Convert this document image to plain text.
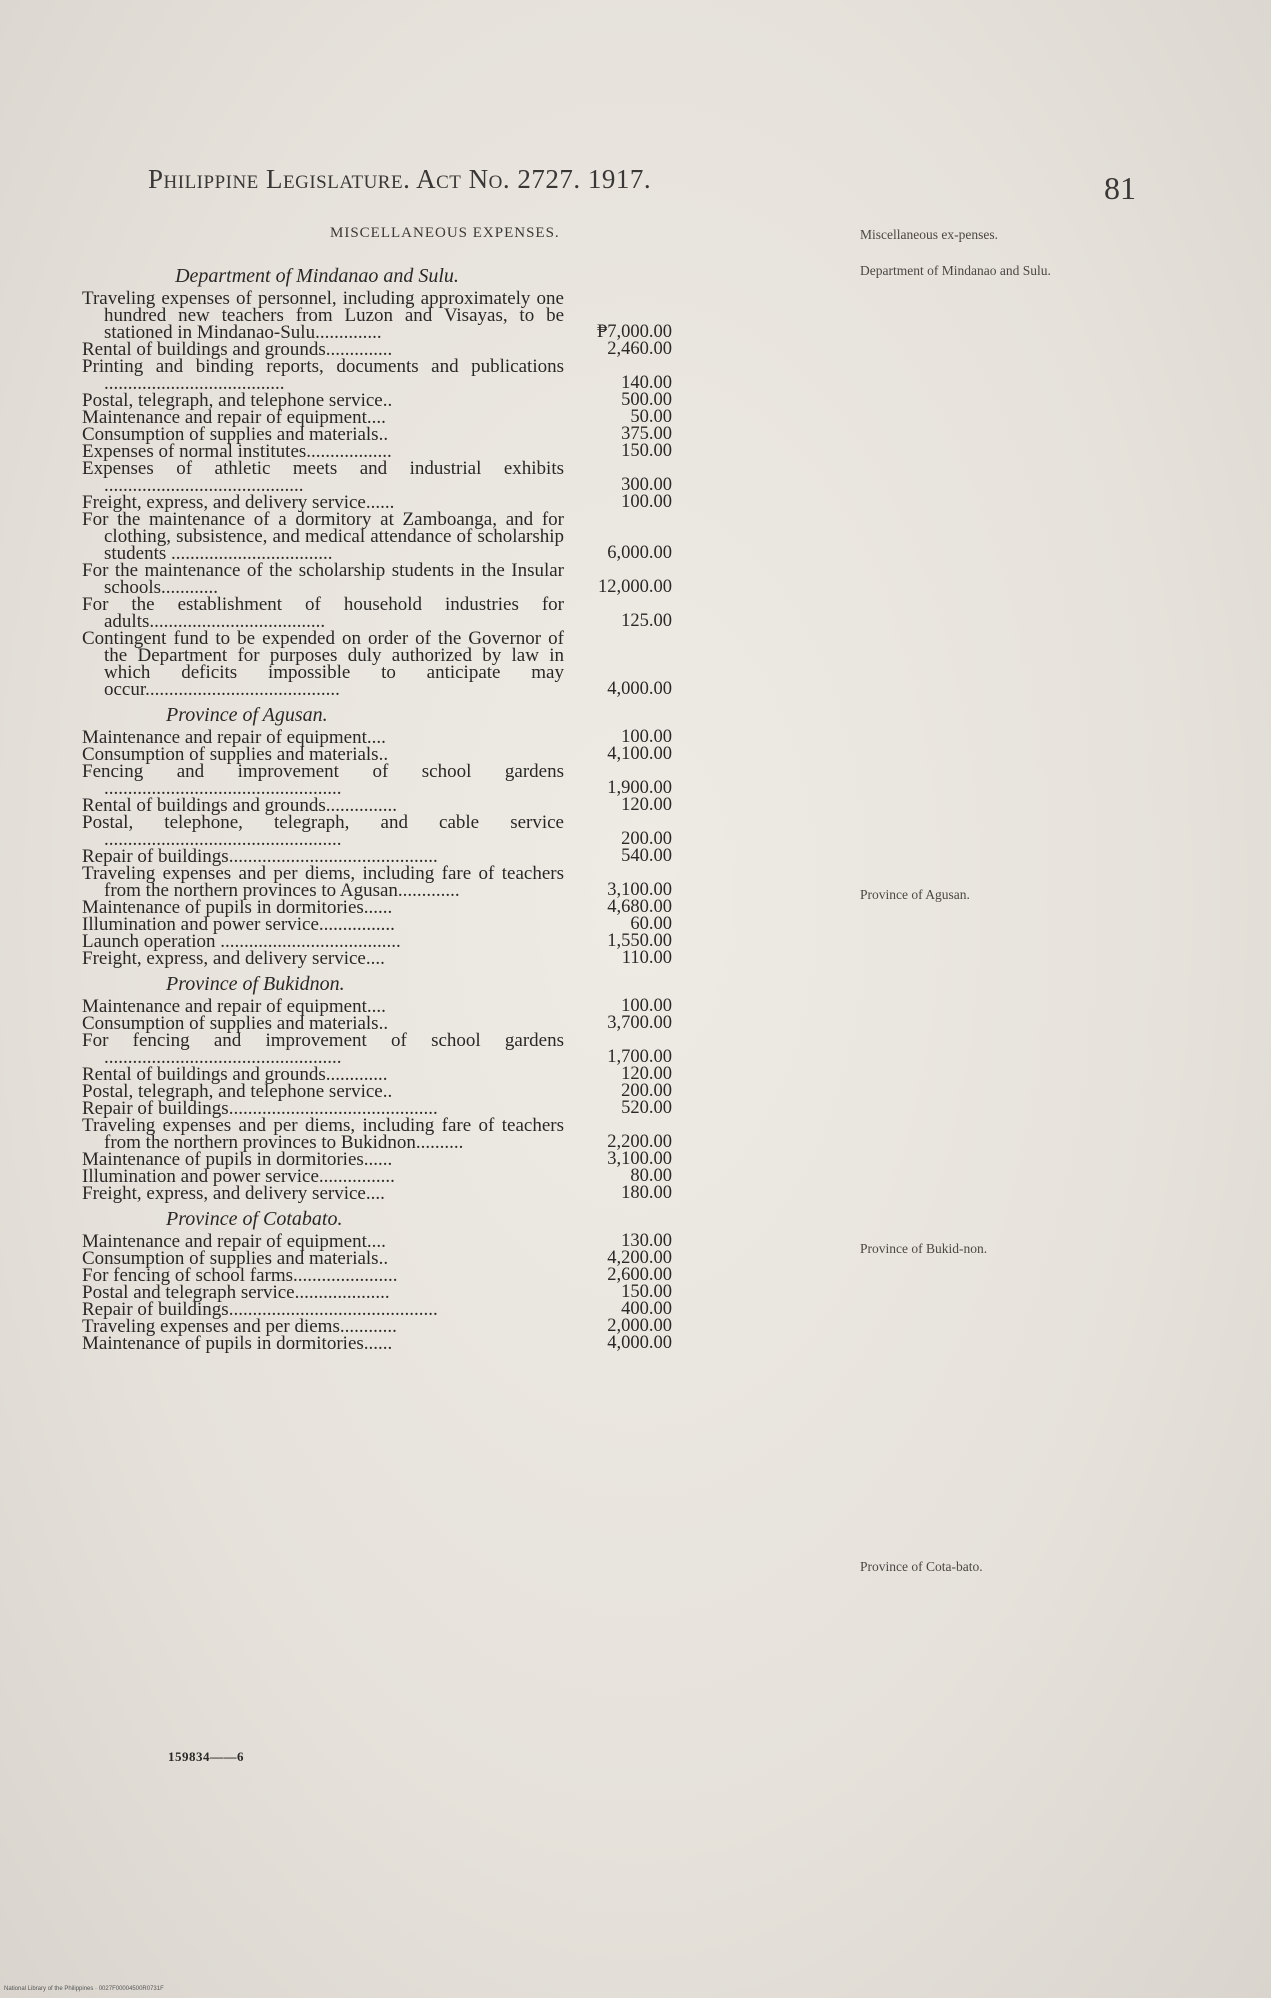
Philippine Legislature. Act No. 2727. 1917.	81
MISCELLANEOUS EXPENSES.	Miscellaneous ex-penses.
Department of Mindanao and Sulu.
Province of Agusan.
Province of Bukid-non.
Province of Cota-bato.
Department of Mindanao and Sulu.
Traveling expenses of personnel, including approximately one hundred new teachers from Luzon and Visayas, to be stationed in Mindanao-Sulu..............	₱7,000.00
Rental of buildings and grounds..............	2,460.00
Printing and binding reports, documents and publications ......................................	140.00
Postal, telegraph, and telephone service..	500.00
Maintenance and repair of equipment....	50.00
Consumption of supplies and materials..	375.00
Expenses of normal institutes..................	150.00
Expenses of athletic meets and industrial exhibits ..........................................	300.00
Freight, express, and delivery service......	100.00
For the maintenance of a dormitory at Zamboanga, and for clothing, subsistence, and medical attendance of scholarship students ..................................	6,000.00
For the maintenance of the scholarship students in the Insular schools............	12,000.00
For the establishment of household industries for adults.....................................	125.00
Contingent fund to be expended on order of the Governor of the Department for purposes duly authorized by law in which deficits impossible to anticipate may occur.........................................	4,000.00
Province of Agusan.
Maintenance and repair of equipment....	100.00
Consumption of supplies and materials..	4,100.00
Fencing and improvement of school gardens ..................................................	1,900.00
Rental of buildings and grounds...............	120.00
Postal, telephone, telegraph, and cable service ..................................................	200.00
Repair of buildings............................................	540.00
Traveling expenses and per diems, including fare of teachers from the northern provinces to Agusan.............	3,100.00
Maintenance of pupils in dormitories......	4,680.00
Illumination and power service................	60.00
Launch operation ......................................	1,550.00
Freight, express, and delivery service....	110.00
Province of Bukidnon.
Maintenance and repair of equipment....	100.00
Consumption of supplies and materials..	3,700.00
For fencing and improvement of school gardens ..................................................	1,700.00
Rental of buildings and grounds.............	120.00
Postal, telegraph, and telephone service..	200.00
Repair of buildings............................................	520.00
Traveling expenses and per diems, including fare of teachers from the northern provinces to Bukidnon..........	2,200.00
Maintenance of pupils in dormitories......	3,100.00
Illumination and power service................	80.00
Freight, express, and delivery service....	180.00
Province of Cotabato.
Maintenance and repair of equipment....	130.00
Consumption of supplies and materials..	4,200.00
For fencing of school farms......................	2,600.00
Postal and telegraph service....................	150.00
Repair of buildings............................................	400.00
Traveling expenses and per diems............	2,000.00
Maintenance of pupils in dormitories......	4,000.00
159834——6
National Library of the Philippines · 0027F00004500R0731F
